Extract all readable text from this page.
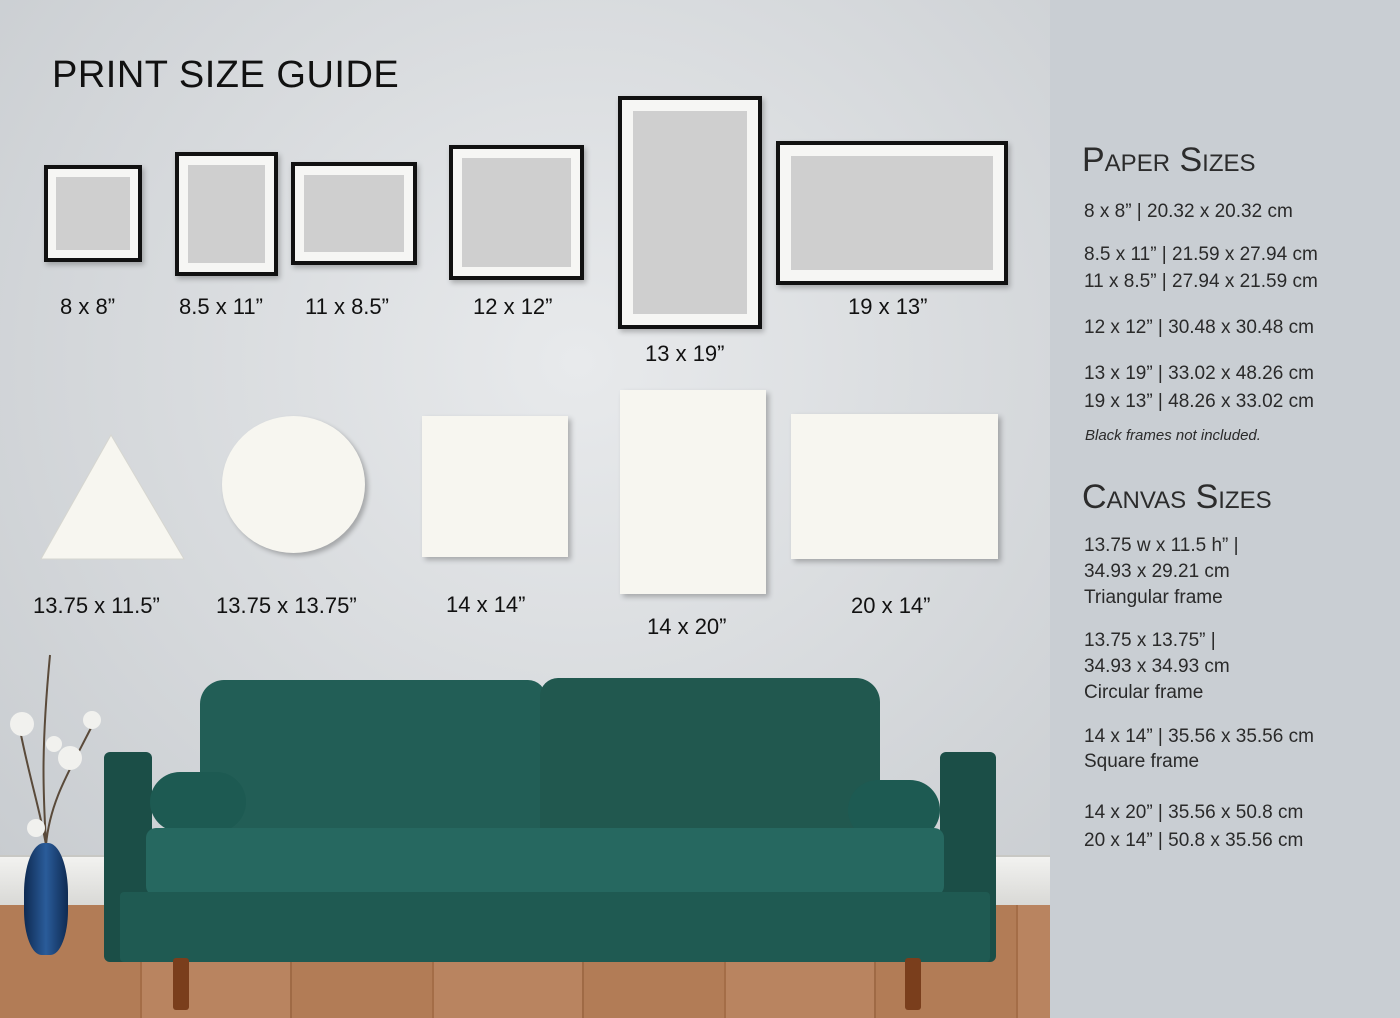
PRINT SIZE GUIDE
8 x 8”	8.5 x 11” 11 x 8.5”	12 x 12”
13 x 19”
19 x 13”
13.75 x 11.5”	13.75 x 13.75”	14 x 14”
14 x 20”
20 x 14”
Paper Sizes
8 x 8” | 20.32 x 20.32 cm
8.5 x 11” | 21.59 x 27.94 cm
11 x 8.5” | 27.94 x 21.59 cm
12 x 12” | 30.48 x 30.48 cm
13 x 19” | 33.02 x 48.26 cm
19 x 13” | 48.26 x 33.02 cm
Black frames not included.
Canvas Sizes
13.75 w x 11.5 h” |
34.93 x 29.21 cm
Triangular frame
13.75 x 13.75” |
34.93 x 34.93 cm
Circular frame
14 x 14” | 35.56 x 35.56 cm
Square frame
14 x 20” | 35.56 x 50.8 cm
20 x 14” | 50.8 x 35.56 cm
